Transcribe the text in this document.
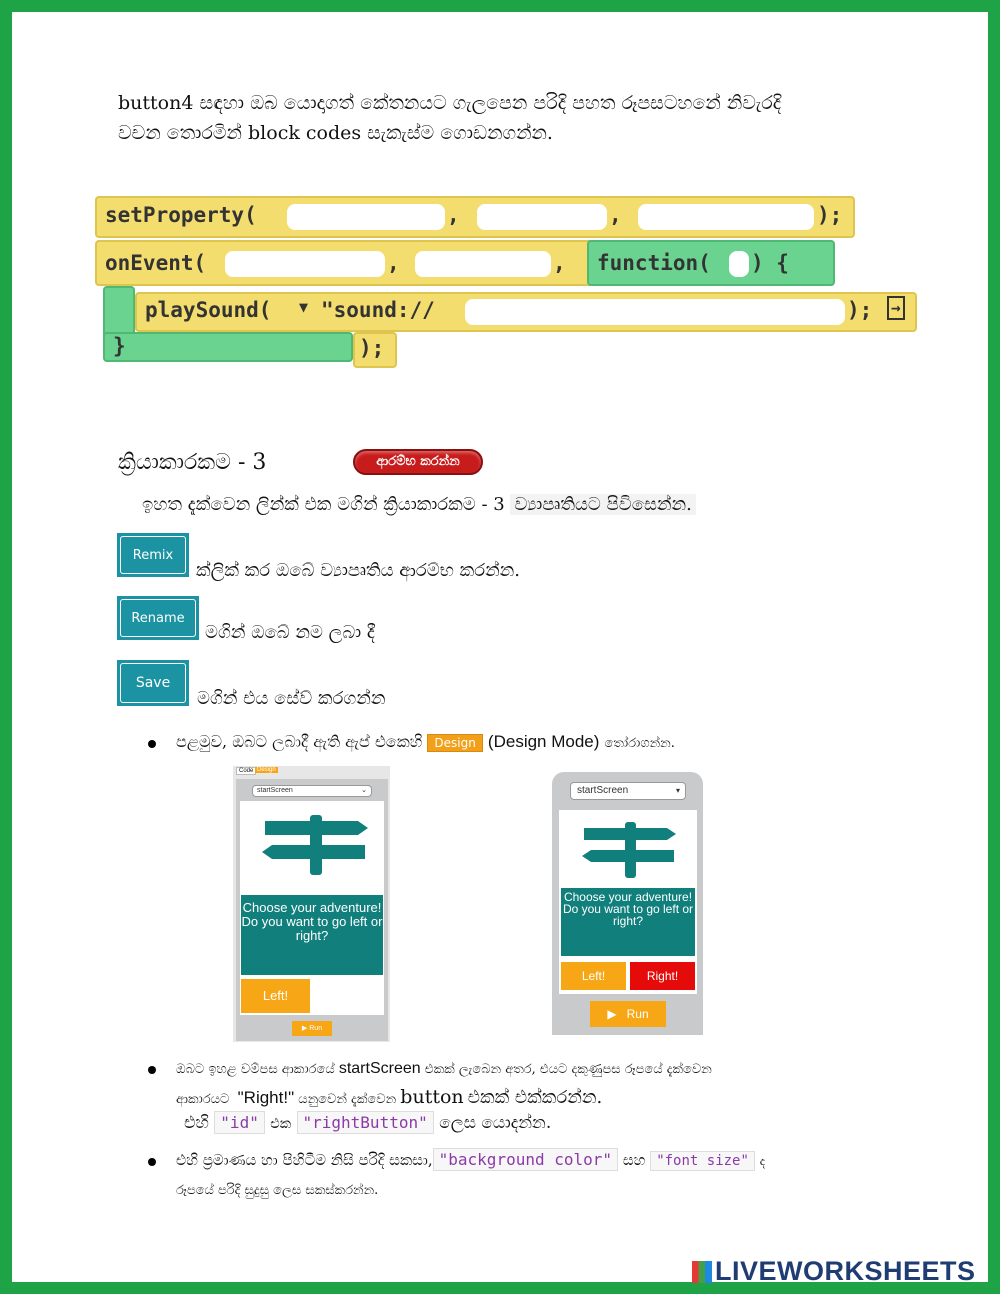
button4 සඳහා ඔබ යොදාගත් කේතනයට ගැලපෙන පරිදි පහත රූපසටහනේ නිවැරදි
වචන තොරමින් block codes සැකැස්ම ගොඩනගන්න.
setProperty(	,	,	);
onEvent(	,	, function( ) {
playSound( ▼ "sound://	); →
}	);
ක්‍රියාකාරකම - 3	ආරම්භ කරන්න
ඉහත දැක්වෙන ලින්ක් එක මගින් ක්‍රියාකාරකම - 3 ව්‍යාපෘතියට පිවිසෙන්න.
Remix
ක්ලික් කර ඔබේ ව්‍යාපෘතිය ආරම්භ කරන්න.
Rename
මගින් ඔබේ නම ලබා දී
Save
මගින් එය සේව් කරගන්න
පළමුව, ඔබට ලබාදී ඇති ඇප් එකෙහි Design (Design Mode) තෝරාගන්න.
Code Design
startScreen	⌄
Choose your adventure! Do you want to go left or right?
Left!
▶ Run
startScreen	▾
Choose your adventure! Do you want to go left or right?
Left!	Right!
▶ Run
ඔබට ඉහළ වම්පස ආකාරයේ startScreen එකක් ලැබෙන අතර, එයට දකුණුපස රූපයේ දැක්වෙන
ආකාරයට "Right!" යනුවෙන් දැක්වෙන button එකක් එක්කරන්න.
එහි "id" එක "rightButton" ලෙස යොදන්න.
එහි ප්‍රමාණය හා පිහිටීම නිසි පරිදි සකසා, "background color" සහ "font size" ද
රූපයේ පරිදි සුදුසු ලෙස සකස්කරන්න.
LIVEWORKSHEETS
